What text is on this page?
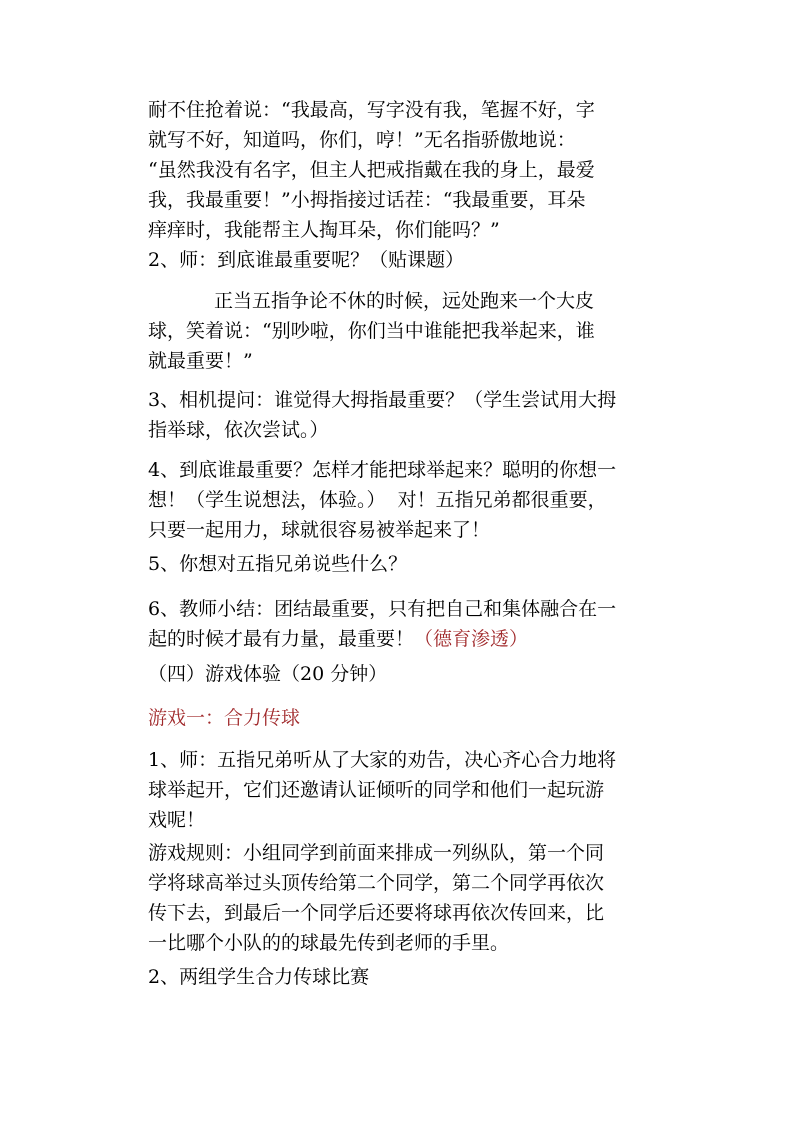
耐不住抢着说：“我最高，写字没有我，笔握不好，字
就写不好，知道吗，你们，哼！”无名指骄傲地说：
“虽然我没有名字，但主人把戒指戴在我的身上，最爱
我，我最重要！”小拇指接过话茬：“我最重要，耳朵
痒痒时，我能帮主人掏耳朵，你们能吗？”
2、师：到底谁最重要呢？（贴课题）
正当五指争论不休的时候，远处跑来一个大皮
球，笑着说：“别吵啦，你们当中谁能把我举起来，谁
就最重要！”
3、相机提问：谁觉得大拇指最重要？（学生尝试用大拇
指举球，依次尝试。）
4、到底谁最重要？怎样才能把球举起来？聪明的你想一
想！（学生说想法，体验。）  对！五指兄弟都很重要，
只要一起用力，球就很容易被举起来了！
5、你想对五指兄弟说些什么？
6、教师小结：团结最重要，只有把自己和集体融合在一
起的时候才最有力量，最重要！（德育渗透）
（四）游戏体验（20 分钟）
游戏一：合力传球
1、师：五指兄弟听从了大家的劝告，决心齐心合力地将
球举起开，它们还邀请认证倾听的同学和他们一起玩游
戏呢！
游戏规则：小组同学到前面来排成一列纵队，第一个同
学将球高举过头顶传给第二个同学，第二个同学再依次
传下去，到最后一个同学后还要将球再依次传回来，比
一比哪个小队的的球最先传到老师的手里。
2、两组学生合力传球比赛
